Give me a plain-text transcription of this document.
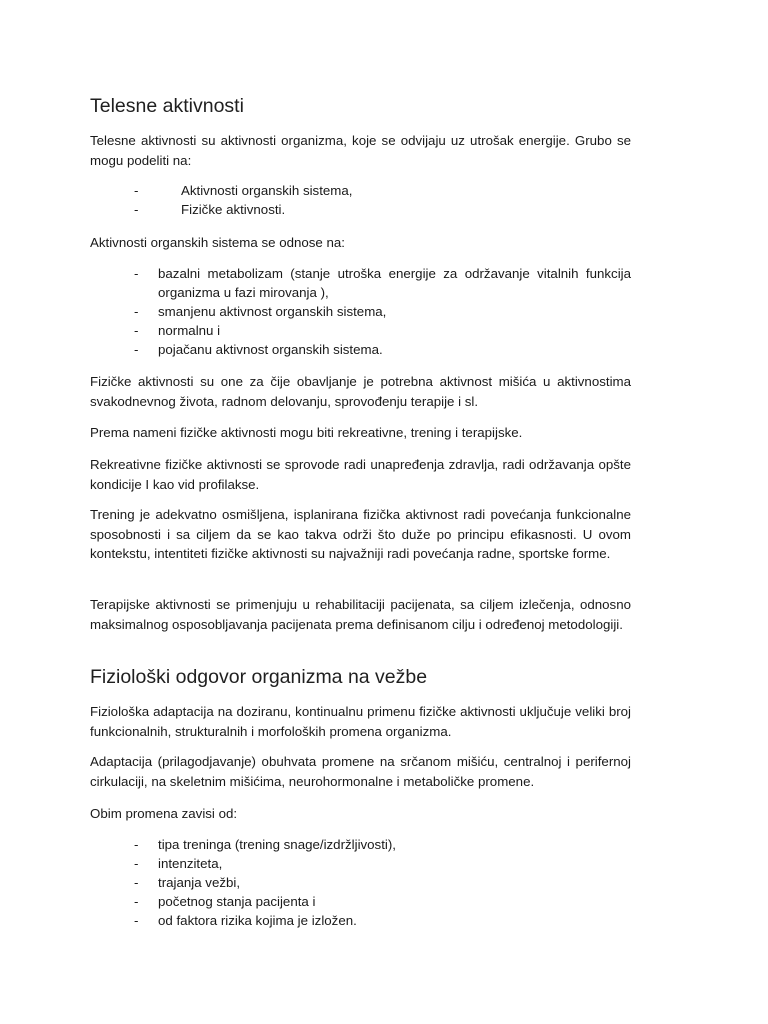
Telesne aktivnosti

Telesne aktivnosti su aktivnosti organizma, koje se odvijaju uz utrošak energije. Grubo se mogu podeliti na:

-	Aktivnosti organskih sistema,
-	Fizičke aktivnosti.

Aktivnosti organskih sistema se odnose na:

- bazalni metabolizam (stanje utroška energije za održavanje vitalnih funkcija organizma u fazi mirovanja ),
- smanjenu aktivnost organskih sistema,
- normalnu i
- pojačanu aktivnost organskih sistema.

Fizičke aktivnosti su one za čije obavljanje je potrebna aktivnost mišića u aktivnostima svakodnevnog života, radnom delovanju, sprovođenju terapije i sl.

Prema nameni fizičke aktivnosti mogu biti rekreativne, trening i terapijske.

Rekreativne fizičke aktivnosti se sprovode radi unapređenja zdravlja, radi održavanja opšte kondicije I kao vid profilakse.

Trening je adekvatno osmišljena, isplanirana fizička aktivnost radi povećanja funkcionalne sposobnosti i sa ciljem da se kao takva održi što duže po principu efikasnosti. U ovom kontekstu, intentiteti fizičke aktivnosti su najvažniji radi povećanja radne, sportske forme.

Terapijske aktivnosti se primenjuju u rehabilitaciji pacijenata, sa ciljem izlečenja, odnosno maksimalnog osposobljavanja pacijenata prema definisanom cilju i određenoj metodologiji.

Fiziološki odgovor organizma na vežbe

Fiziološka adaptacija na doziranu, kontinualnu primenu fizičke aktivnosti uključuje veliki broj funkcionalnih, strukturalnih i morfoloških promena organizma.

Adaptacija (prilagodjavanje) obuhvata promene na srčanom mišiću, centralnoj i perifernoj cirkulaciji, na skeletnim mišićima, neurohormonalne i metaboličke promene.

Obim promena zavisi od:

- tipa treninga (trening snage/izdržljivosti),
- intenziteta,
- trajanja vežbi,
- početnog stanja pacijenta i
- od faktora rizika kojima je izložen.
